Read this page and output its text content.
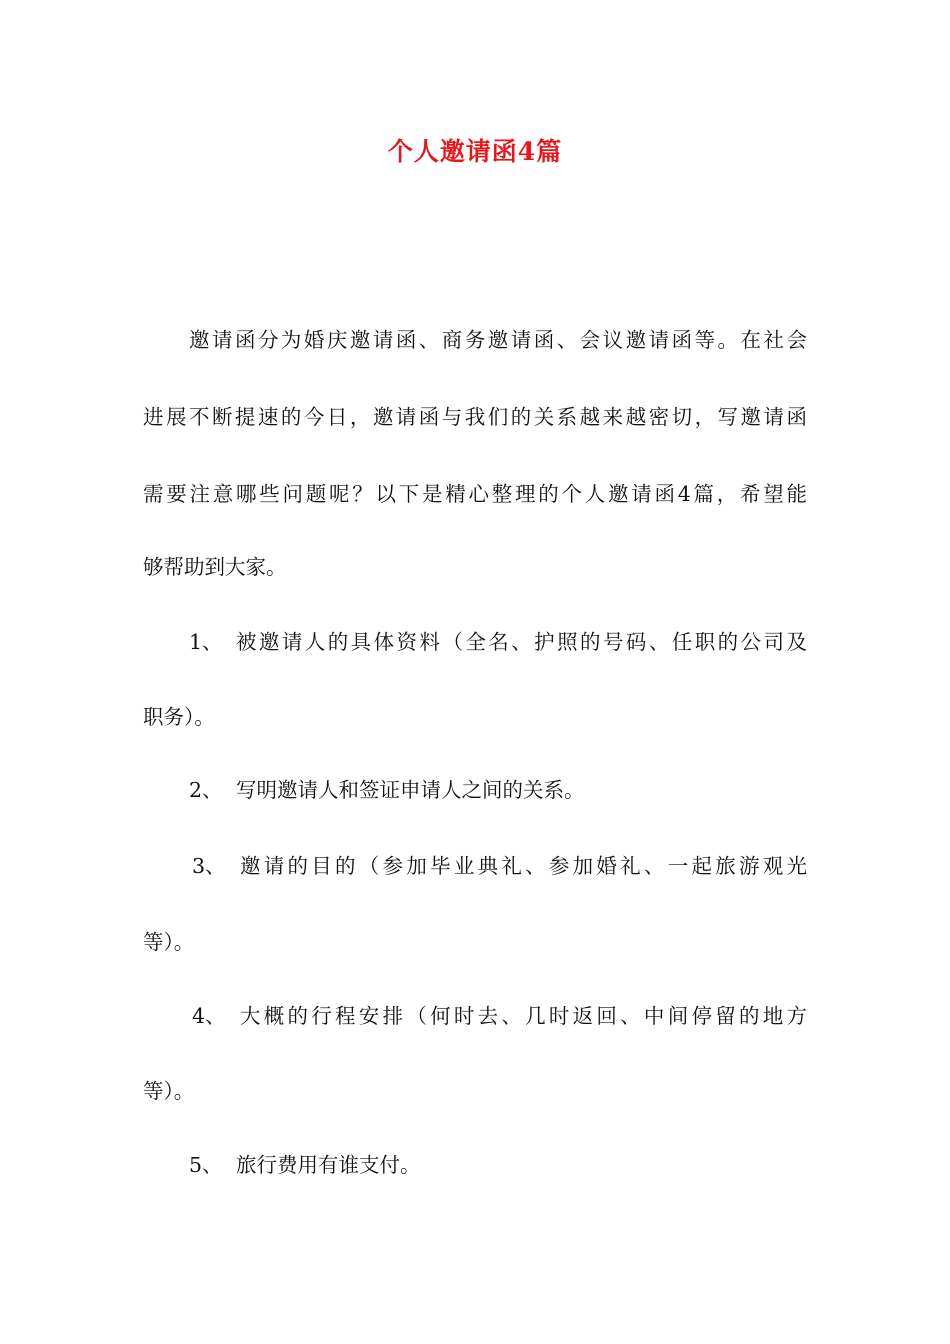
个人邀请函4篇
邀请函分为婚庆邀请函、商务邀请函、会议邀请函等。在社会
进展不断提速的今日，邀请函与我们的关系越来越密切，写邀请函
需要注意哪些问题呢？以下是精心整理的个人邀请函4篇，希望能
够帮助到大家。
1、 被邀请人的具体资料（全名、护照的号码、任职的公司及
职务）。
2、 写明邀请人和签证申请人之间的关系。
3、 邀请的目的（参加毕业典礼、参加婚礼、一起旅游观光
等）。
4、 大概的行程安排（何时去、几时返回、中间停留的地方
等）。
5、 旅行费用有谁支付。
